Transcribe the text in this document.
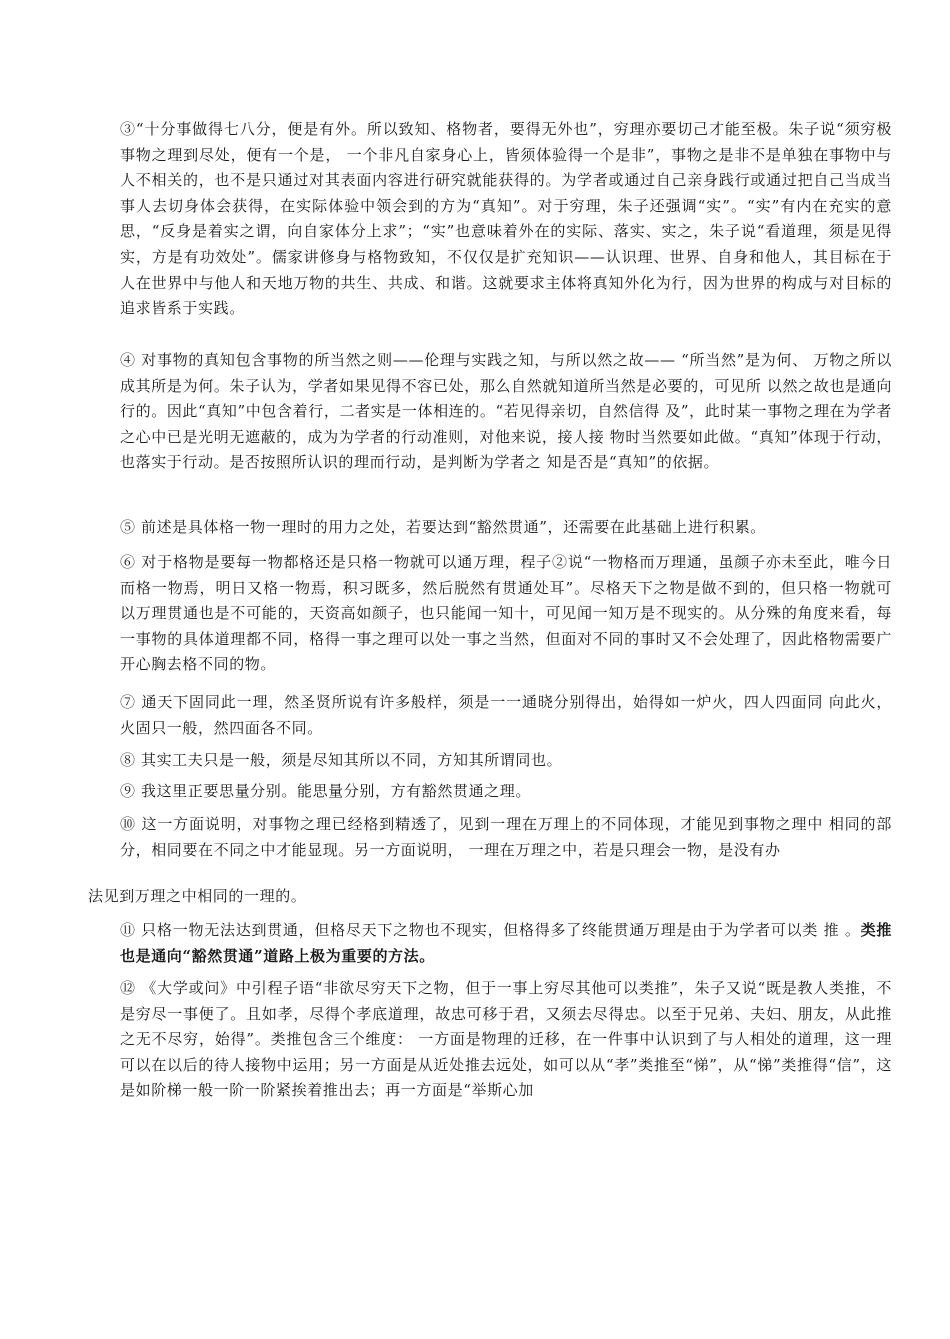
③“十分事做得七八分，便是有外。所以致知、格物者，要得无外也”，穷理亦要切己才能至极。朱子说“须穷极事物之理到尽处，便有一个是， 一个非凡自家身心上，皆须体验得一个是非”，事物之是非不是单独在事物中与人不相关的，也不是只通过对其表面内容进行研究就能获得的。为学者或通过自己亲身践行或通过把自己当成当事人去切身体会获得，在实际体验中领会到的方为“真知”。对于穷理，朱子还强调“实”。“实”有内在充实的意思，“反身是着实之谓，向自家体分上求”；“实”也意味着外在的实际、落实、实之，朱子说“看道理，须是见得实，方是有功效处”。儒家讲修身与格物致知，不仅仅是扩充知识——认识理、世界、自身和他人，其目标在于人在世界中与他人和天地万物的共生、共成、和谐。这就要求主体将真知外化为行，因为世界的构成与对目标的追求皆系于实践。
④ 对事物的真知包含事物的所当然之则——伦理与实践之知，与所以然之故—— “所当然”是为何、 万物之所以成其所是为何。朱子认为，学者如果见得不容已处，那么自然就知道所当然是必要的，可见所 以然之故也是通向行的。因此“真知”中包含着行，二者实是一体相连的。“若见得亲切，自然信得 及”，此时某一事物之理在为学者之心中已是光明无遮蔽的，成为为学者的行动准则，对他来说，接人接 物时当然要如此做。“真知”体现于行动，也落实于行动。是否按照所认识的理而行动，是判断为学者之 知是否是“真知”的依据。
⑤ 前述是具体格一物一理时的用力之处，若要达到“豁然贯通”，还需要在此基础上进行积累。
⑥ 对于格物是要每一物都格还是只格一物就可以通万理，程子②说“一物格而万理通，虽颜子亦未至此，唯今日而格一物焉，明日又格一物焉，积习既多，然后脱然有贯通处耳”。尽格天下之物是做不到的，但只格一物就可以万理贯通也是不可能的，天资高如颜子，也只能闻一知十，可见闻一知万是不现实的。从分殊的角度来看，每一事物的具体道理都不同，格得一事之理可以处一事之当然，但面对不同的事时又不会处理了，因此格物需要广开心胸去格不同的物。
⑦ 通天下固同此一理，然圣贤所说有许多般样，须是一一通晓分别得出，始得如一炉火，四人四面同 向此火，火固只一般，然四面各不同。
⑧ 其实工夫只是一般，须是尽知其所以不同，方知其所谓同也。
⑨ 我这里正要思量分别。能思量分别，方有豁然贯通之理。
⑩ 这一方面说明，对事物之理已经格到精透了，见到一理在万理上的不同体现，才能见到事物之理中 相同的部分，相同要在不同之中才能显现。另一方面说明， 一理在万理之中，若是只理会一物，是没有办
法见到万理之中相同的一理的。
⑪ 只格一物无法达到贯通，但格尽天下之物也不现实，但格得多了终能贯通万理是由于为学者可以类 推 。类推也是通向“豁然贯通”道路上极为重要的方法。
⑫ 《大学或问》中引程子语“非欲尽穷天下之物，但于一事上穷尽其他可以类推”，朱子又说“既是教人类推，不是穷尽一事便了。且如孝，尽得个孝底道理，故忠可移于君，又须去尽得忠。以至于兄弟、夫妇、朋友，从此推之无不尽穷，始得”。类推包含三个维度： 一方面是物理的迁移，在一件事中认识到了与人相处的道理，这一理可以在以后的待人接物中运用；另一方面是从近处推去远处，如可以从“孝”类推至“悌”，从“悌”类推得“信”，这是如阶梯一般一阶一阶紧挨着推出去；再一方面是“举斯心加
